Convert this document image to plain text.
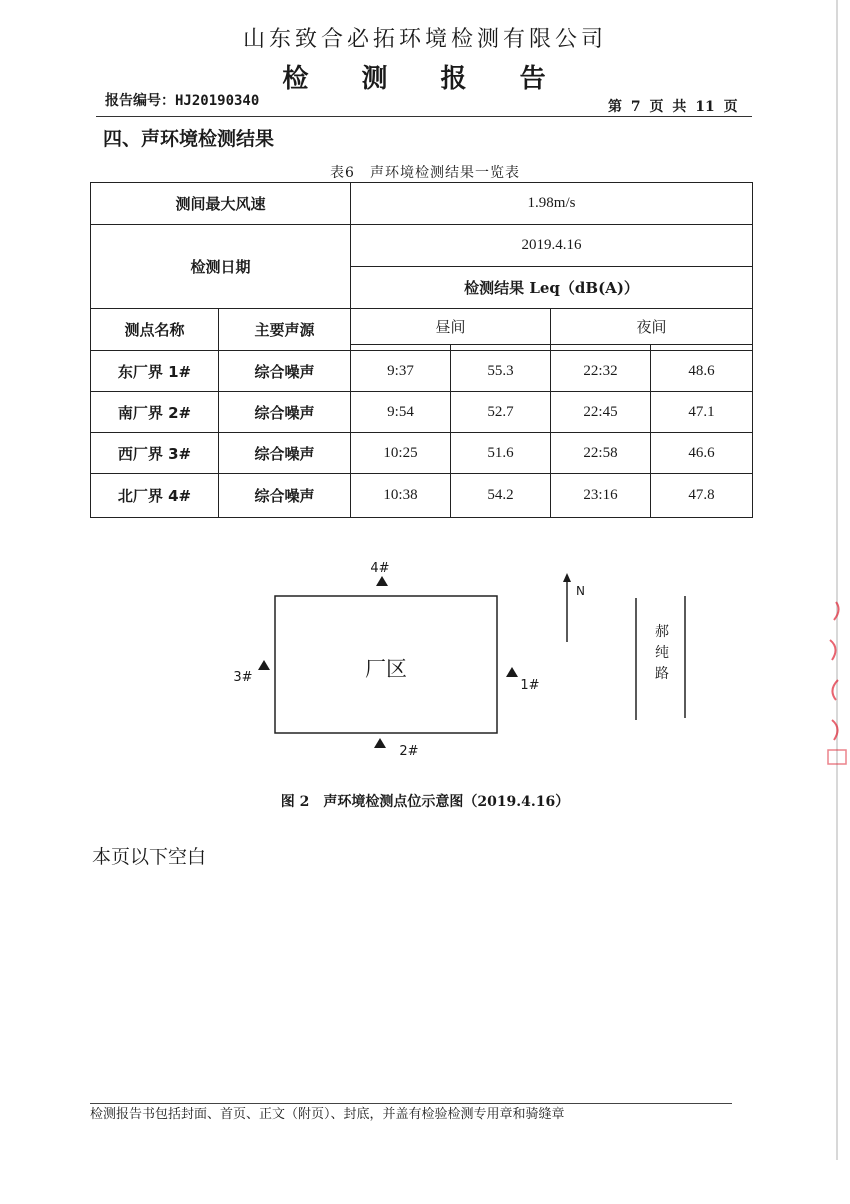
山东致合必拓环境检测有限公司
检 测 报 告
报告编号：HJ20190340	第 7 页 共 11 页
四、声环境检测结果
表6　声环境检测结果一览表
测间最大风速		1.98m/s			
检测日期		2019.4.16			
		检测结果 Leq（dB(A)）			
测点名称	主要声源	昼间		夜间	

东厂界 1#	综合噪声	9:37	55.3	22:32	48.6
南厂界 2#	综合噪声	9:54	52.7	22:45	47.1
西厂界 3#	综合噪声	10:25	51.6	22:58	46.6
北厂界 4#	综合噪声	10:38	54.2	23:16	47.8
厂区
4#
2#
3#
1#
N
郝
纯
路
图 2　声环境检测点位示意图（2019.4.16）
本页以下空白
检测报告书包括封面、首页、正文（附页）、封底，并盖有检验检测专用章和骑缝章
